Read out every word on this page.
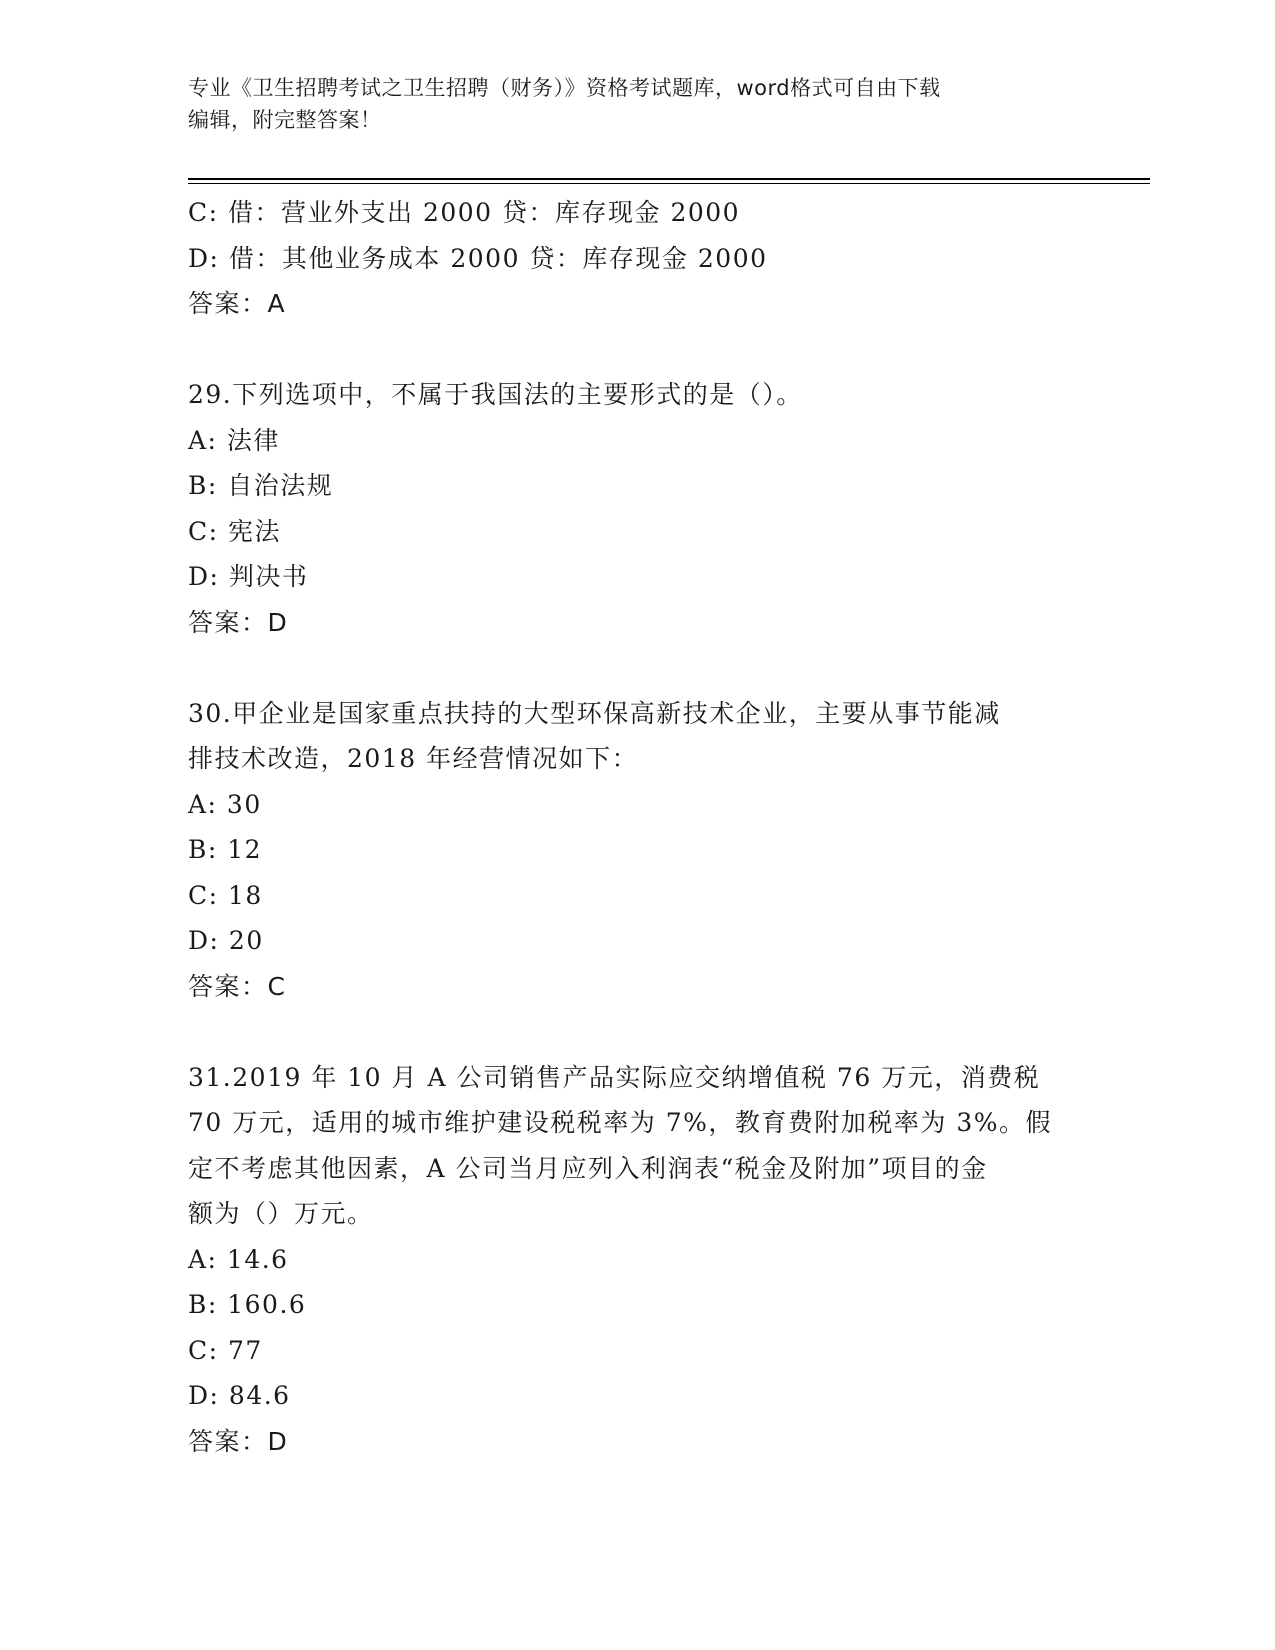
专业《卫生招聘考试之卫生招聘（财务）》资格考试题库，word格式可自由下载
编辑，附完整答案！
C: 借：营业外支出 2000 贷：库存现金 2000
D: 借：其他业务成本 2000 贷：库存现金 2000
答案：A
29.下列选项中，不属于我国法的主要形式的是（）。
A: 法律
B: 自治法规
C: 宪法
D: 判决书
答案：D
30.甲企业是国家重点扶持的大型环保高新技术企业，主要从事节能减
排技术改造，2018 年经营情况如下：
A: 30
B: 12
C: 18
D: 20
答案：C
31.2019 年 10 月 A 公司销售产品实际应交纳增值税 76 万元，消费税
70 万元，适用的城市维护建设税税率为 7%，教育费附加税率为 3%。假
定不考虑其他因素，A 公司当月应列入利润表“税金及附加”项目的金
额为（）万元。
A: 14.6
B: 160.6
C: 77
D: 84.6
答案：D
